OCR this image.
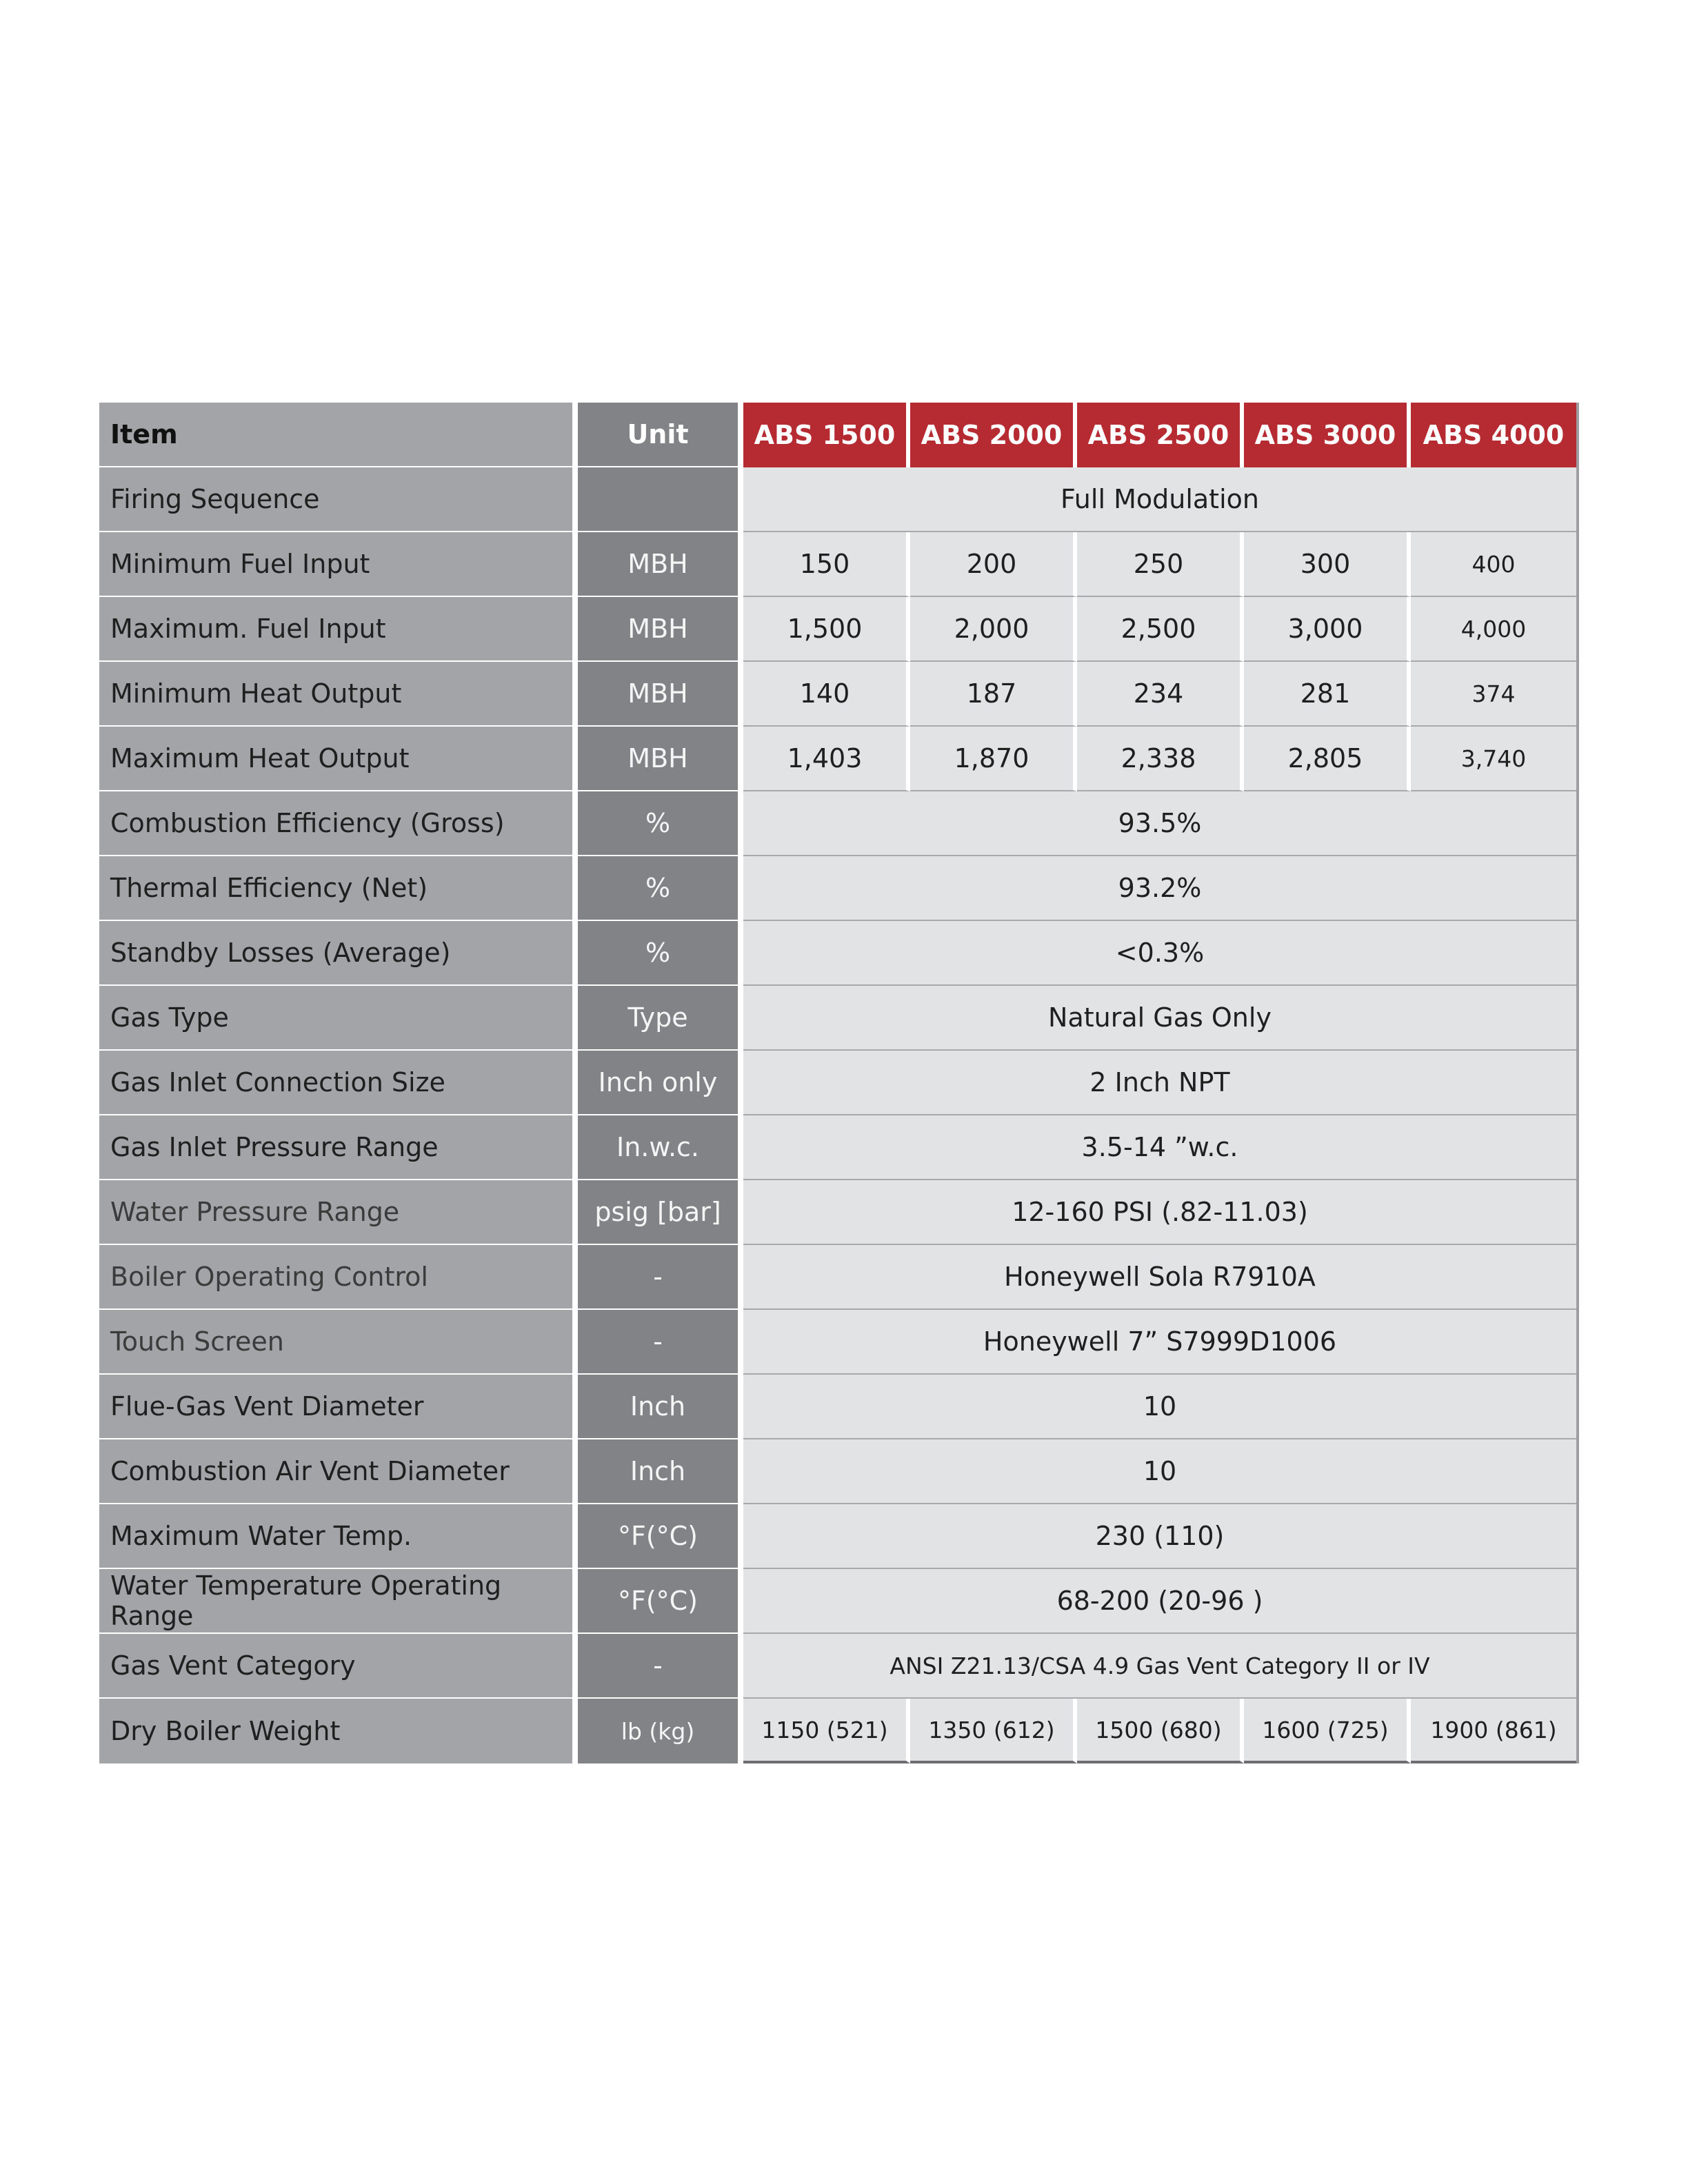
Item	Unit	ABS 1500	ABS 2000	ABS 2500	ABS 3000	ABS 4000
Firing Sequence		Full Modulation				
Minimum Fuel Input	MBH	150	200	250	300	400
Maximum. Fuel Input	MBH	1,500	2,000	2,500	3,000	4,000
Minimum Heat Output	MBH	140	187	234	281	374
Maximum Heat Output	MBH	1,403	1,870	2,338	2,805	3,740
Combustion Efficiency (Gross)	%	93.5%				
Thermal Efficiency (Net)	%	93.2%				
Standby Losses (Average)	%	<0.3%				
Gas Type	Type	Natural Gas Only				
Gas Inlet Connection Size	Inch only	2 Inch NPT				
Gas Inlet Pressure Range	In.w.c.	3.5-14 ”w.c.				
Water Pressure Range	psig [bar]	12-160 PSI (.82-11.03)				
Boiler Operating Control	-	Honeywell Sola R7910A				
Touch Screen	-	Honeywell 7” S7999D1006				
Flue-Gas Vent Diameter	Inch	10				
Combustion Air Vent Diameter	Inch	10				
Maximum Water Temp.	°F(°C)	230 (110)				
Water Temperature Operating Range	°F(°C)	68-200 (20-96 )				
Gas Vent Category	-	ANSI Z21.13/CSA 4.9 Gas Vent Category II or IV				
Dry Boiler Weight	lb (kg)	1150 (521)	1350 (612)	1500 (680)	1600 (725)	1900 (861)
